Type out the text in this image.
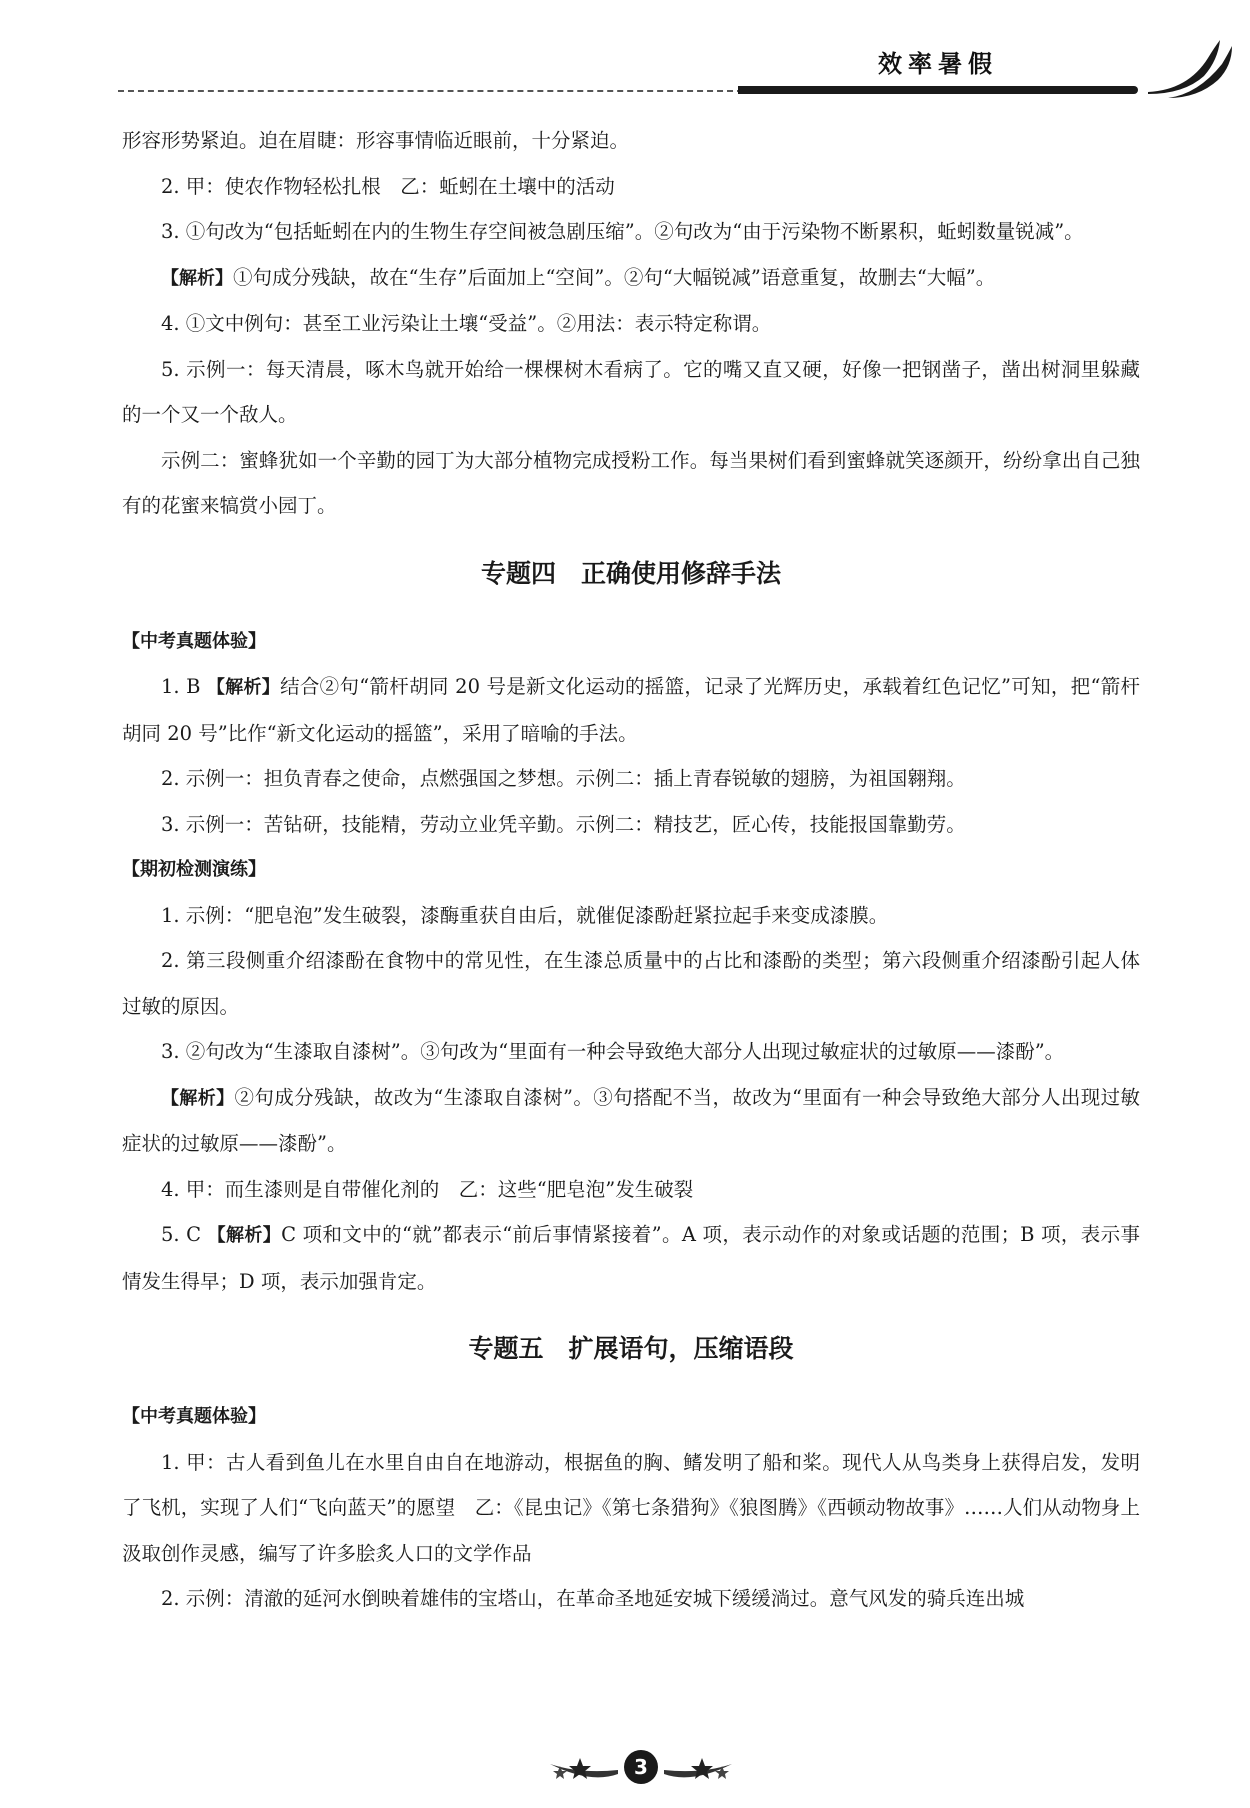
效率暑假

形容形势紧迫。迫在眉睫：形容事情临近眼前，十分紧迫。

2. 甲：使农作物轻松扎根　乙：蚯蚓在土壤中的活动

3. ①句改为“包括蚯蚓在内的生物生存空间被急剧压缩”。②句改为“由于污染物不断累积，蚯蚓数量锐减”。

【解析】①句成分残缺，故在“生存”后面加上“空间”。②句“大幅锐减”语意重复，故删去“大幅”。

4. ①文中例句：甚至工业污染让土壤“受益”。②用法：表示特定称谓。

5. 示例一：每天清晨，啄木鸟就开始给一棵棵树木看病了。它的嘴又直又硬，好像一把钢凿子，凿出树洞里躲藏的一个又一个敌人。

示例二：蜜蜂犹如一个辛勤的园丁为大部分植物完成授粉工作。每当果树们看到蜜蜂就笑逐颜开，纷纷拿出自己独有的花蜜来犒赏小园丁。

专题四　正确使用修辞手法

【中考真题体验】

1. B 【解析】结合②句“箭杆胡同 20 号是新文化运动的摇篮，记录了光辉历史，承载着红色记忆”可知，把“箭杆胡同 20 号”比作“新文化运动的摇篮”，采用了暗喻的手法。

2. 示例一：担负青春之使命，点燃强国之梦想。示例二：插上青春锐敏的翅膀，为祖国翱翔。

3. 示例一：苦钻研，技能精，劳动立业凭辛勤。示例二：精技艺，匠心传，技能报国靠勤劳。

【期初检测演练】

1. 示例：“肥皂泡”发生破裂，漆酶重获自由后，就催促漆酚赶紧拉起手来变成漆膜。

2. 第三段侧重介绍漆酚在食物中的常见性，在生漆总质量中的占比和漆酚的类型；第六段侧重介绍漆酚引起人体过敏的原因。

3. ②句改为“生漆取自漆树”。③句改为“里面有一种会导致绝大部分人出现过敏症状的过敏原——漆酚”。

【解析】②句成分残缺，故改为“生漆取自漆树”。③句搭配不当，故改为“里面有一种会导致绝大部分人出现过敏症状的过敏原——漆酚”。

4. 甲：而生漆则是自带催化剂的　乙：这些“肥皂泡”发生破裂

5. C 【解析】C 项和文中的“就”都表示“前后事情紧接着”。A 项，表示动作的对象或话题的范围；B 项，表示事情发生得早；D 项，表示加强肯定。

专题五　扩展语句，压缩语段

【中考真题体验】

1. 甲：古人看到鱼儿在水里自由自在地游动，根据鱼的胸、鳍发明了船和桨。现代人从鸟类身上获得启发，发明了飞机，实现了人们“飞向蓝天”的愿望　乙：《昆虫记》《第七条猎狗》《狼图腾》《西顿动物故事》……人们从动物身上汲取创作灵感，编写了许多脍炙人口的文学作品

2. 示例：清澈的延河水倒映着雄伟的宝塔山，在革命圣地延安城下缓缓淌过。意气风发的骑兵连出城

3
